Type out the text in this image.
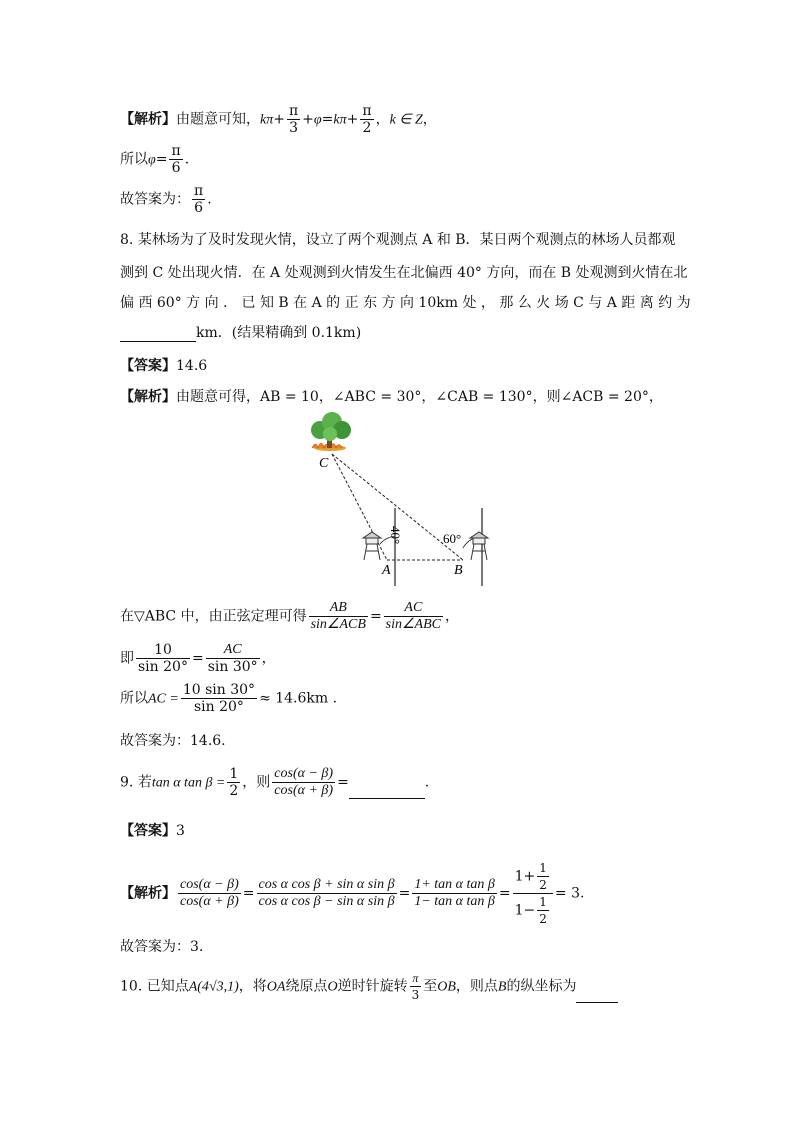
【解析】由题意可知，$k\pi+ \frac{\pi}{3} +\varphi=k\pi+ \frac{\pi}{2}$ ，k ∈ Z，
所以$\varphi= \frac{\pi}{6}$ .
故答案为： $\frac{\pi}{6}$ .
8. 某林场为了及时发现火情，设立了两个观测点 A 和 B．某日两个观测点的林场人员都观
测到 C 处出现火情．在 A 处观测到火情发生在北偏西 40° 方向，而在 B 处观测到火情在北
偏 西 60° 方 向 ． 已 知 B 在 A 的 正 东 方 向 10km 处 ， 那 么 火 场 C 与 A 距 离 约 为
km．(结果精确到 0.1km)
【答案】14.6
【解析】由题意可得，AB = 10，∠ABC = 30°，∠CAB = 130°，则∠ACB = 20°，
C
40°	60°
A	B
在▽ABC 中，由正弦定理可得 $\frac{AB}{\text{sin∠ACB}} = \frac{AC}{\text{sin∠ABC}}$ ，
即 $\frac{10}{\sin 20^\circ} = \frac{AC}{\sin 30^\circ}$ ，
所以AC = $\frac{10 \sin 30^\circ}{\sin 20^\circ} \approx 14.6km$ .
故答案为：14.6.
9. 若tan α $\tan \beta = \frac{1}{2}$ ，则 $\frac{\cos(\alpha - \beta)}{\cos(\alpha + \beta)}$ =	.
【答案】3
【解析】 $\frac{\cos(\alpha - \beta)}{\cos(\alpha + \beta)} = \frac{\text{cos α cos β + sin α sin β}}{\text{cos α cos β − sin α sin β}} = \frac{\text{1+ tan α tan β}}{\text{1− tan α tan β}} = \frac{1+ \frac{1}{2}}{1- \frac{1}{2}} = 3$.
故答案为：3.
10. 已知点A(4√3,1)，将OA绕原点O逆时针旋转 $\frac{\pi}{3}$ 至OB，则点B的纵坐标为
